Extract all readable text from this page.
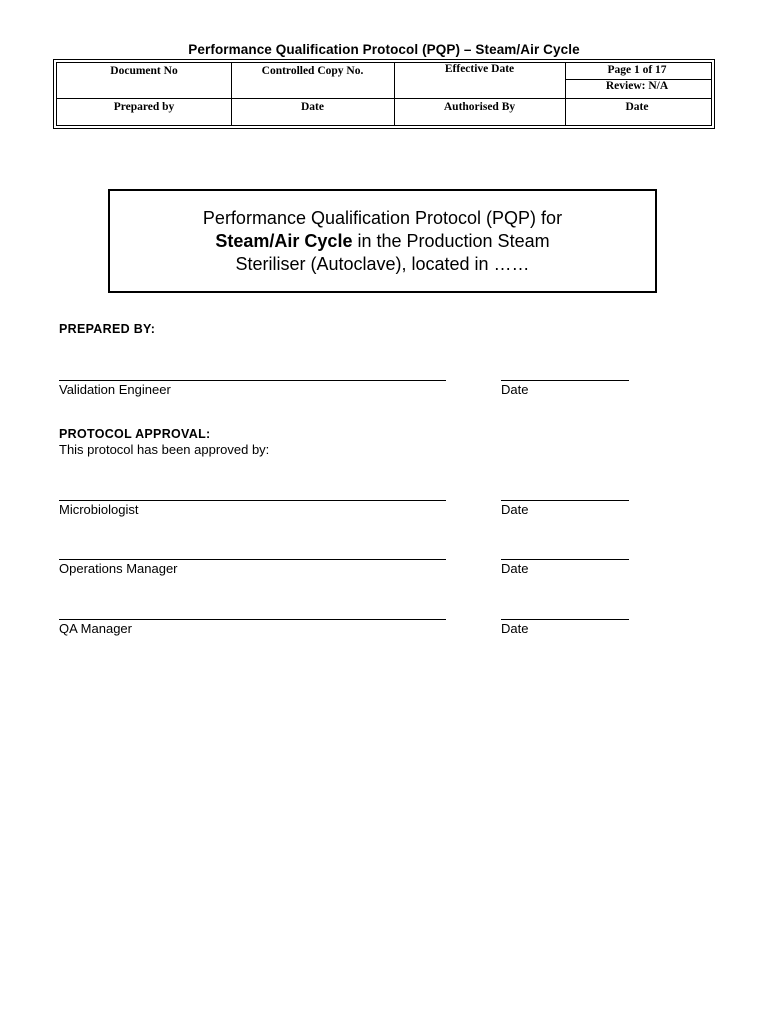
Performance Qualification Protocol (PQP) – Steam/Air Cycle
Document No	Controlled Copy No.	Effective Date	Page 1 of 17
Review: N/A
Prepared by	Date	Authorised By	Date
Performance Qualification Protocol (PQP) for
Steam/Air Cycle in the Production Steam
Steriliser (Autoclave), located in ……
PREPARED BY:
Validation Engineer	Date
PROTOCOL APPROVAL:
This protocol has been approved by:
Microbiologist	Date
Operations Manager	Date
QA Manager	Date
